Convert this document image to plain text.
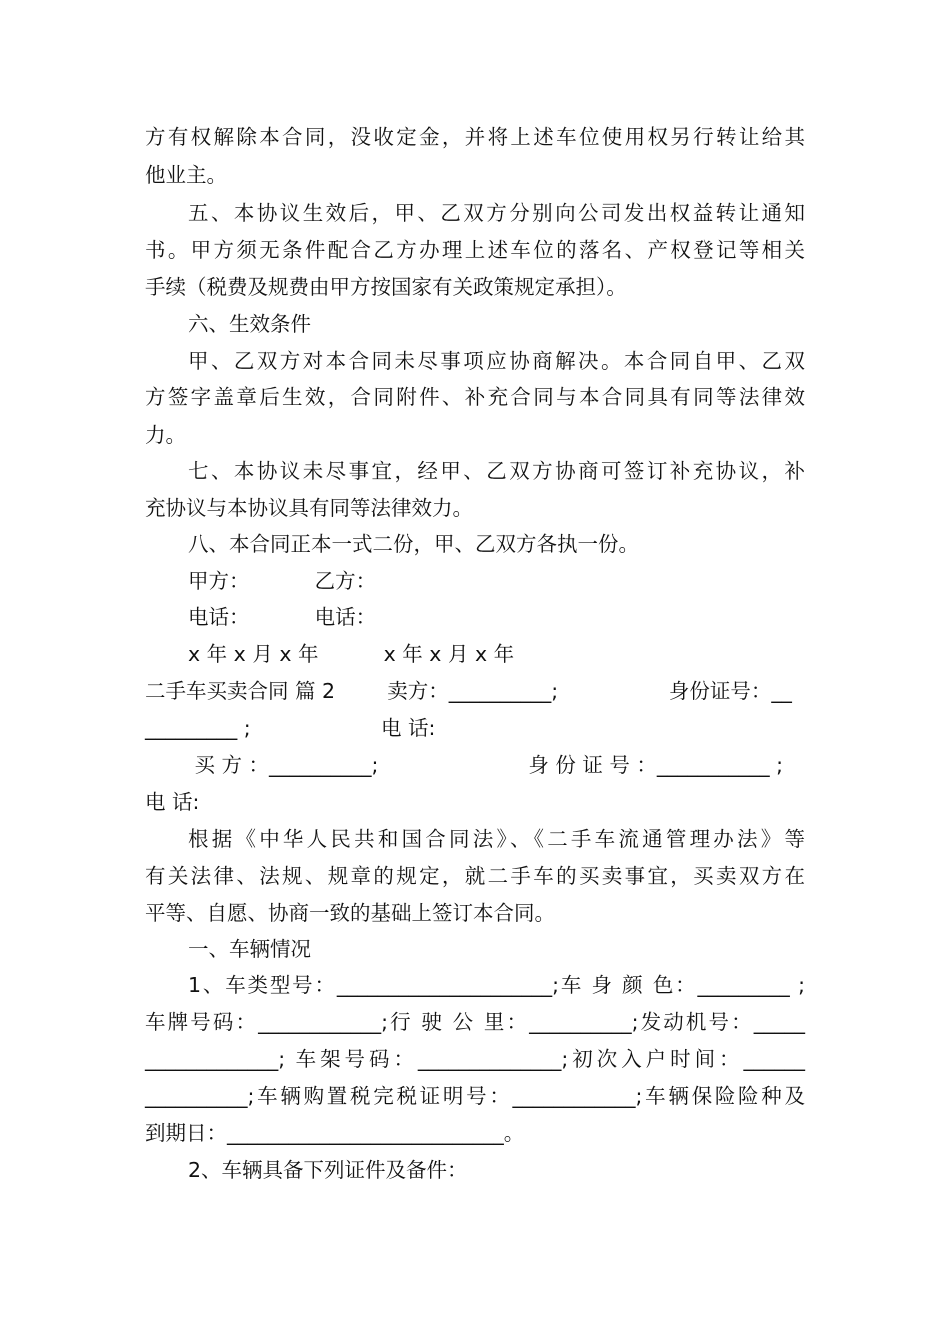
方有权解除本合同，没收定金，并将上述车位使用权另行转让给其
他业主。
五、本协议生效后，甲、乙双方分别向公司发出权益转让通知
书。甲方须无条件配合乙方办理上述车位的落名、产权登记等相关
手续（税费及规费由甲方按国家有关政策规定承担）。
六、生效条件
甲、乙双方对本合同未尽事项应协商解决。本合同自甲、乙双
方签字盖章后生效，合同附件、补充合同与本合同具有同等法律效
力。
七、本协议未尽事宜，经甲、乙双方协商可签订补充协议，补
充协议与本协议具有同等法律效力。
八、本合同正本一式二份，甲、乙双方各执一份。
甲方：          乙方：
电话：          电话：
x 年 x 月 x 年          x 年 x 月 x 年
二手车买卖合同 篇 2        卖方：__________;                 身份证号：__
_________ ;                    电 话:
买 方 ：__________;                       身 份 证 号 ：___________ ;
电 话:
根据《中华人民共和国合同法》、《二手车流通管理办法》等
有关法律、法规、规章的规定，就二手车的买卖事宜，买卖双方在
平等、自愿、协商一致的基础上签订本合同。
一、车辆情况
1、车类型号：_____________________;车 身 颜 色：_________ ;
车牌号码：____________;行 驶 公 里：__________;发动机号：_____
_____________; 车架号码：______________;初次入户时间：______
__________;车辆购置税完税证明号：____________;车辆保险险种及
到期日：___________________________。
2、车辆具备下列证件及备件：
